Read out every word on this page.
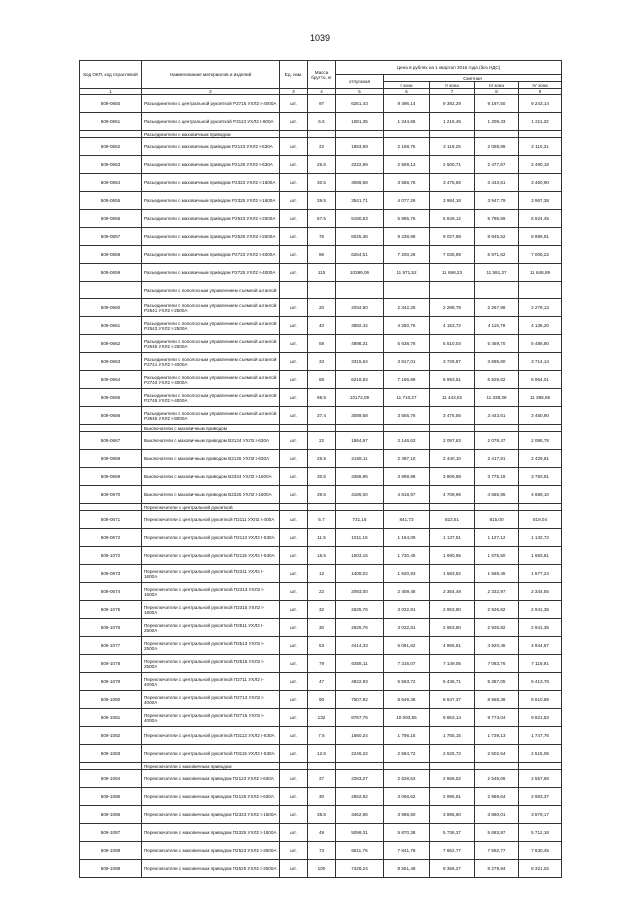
1039
Код ОКП, код отраслевой	Наименование материалов и изделий	Ед. изм.	Масса брутто, кг	Цена в рублях на 1 квартал 2016 года (без НДС)				
				отпускная	Сметная			
					I зона	II зона	III зона	IV зона
1	2	3	4	5	6	7	8	9
509-0650	Разъединители с центральной рукояткой Р2715 УХЛ2 I-4000А	шт.	97	6251,43	9 496,14	9 392,29	9 197,50	9 243,14
509-0651	Разъединители с центральной рукояткой Р3113 УХЛ2 I-600А	шт.	6.5	1081,35	1 244,66	1 216,45	1 209,33	1 211,32
	Разъединители с маховичным приводом							
509-0652	Разъединители с маховичным приводом Р2123 УХЛ2 I-630А	шт.	22	1883,59	2 168,75	2 119,25	2 098,89	2 110,31
509-0653	Разъединители с маховичным приводом Р2125 УХЛ2 I-630А	шт.	26.5	2222,99	2 559,13	2 500,71	2 477,67	2 490,18
509-0654	Разъединители с маховичным приводом Р2323 УХЛ2 I-1600А	шт.	30.5	3089,58	3 556,76	3 475,56	3 443,61	3 460,90
509-0655	Разъединители с маховичным приводом Р2325 УХЛ2 I-1600А	шт.	39.5	3541,71	4 077,26	3 984,18	3 947,79	3 967,38
509-0656	Разъединители с маховичным приводом Р2523 УХЛ2 I-2500А	шт.	57.5	5190,53	5 985,76	5 849,12	5 795,69	5 824,45
509-0657	Разъединители с маховичным приводом Р2525 УХЛ2 I-2500А	шт.	76	8025,36	9 238,89	9 027,98	8 945,52	8 989,91
509-0658	Разъединители с маховичным приводом Р2723 УХЛ2 I-4000А	шт.	86	6254,51	7 200,26	7 035,89	6 971,62	7 006,22
509-0659	Разъединители с маховичным приводом Р2725 УХЛ2 I-4000А	шт.	115	10399,06	11 971,52	11 698,23	11 591,37	11 648,89
	Разъединители с пополосным управлением съемной штангой							
509-0660	Разъединители с пополосным управлением съемной штангой Р2541 УХЛ2 I-2500А	шт.	20	2034,60	2 342,25	2 288,78	2 267,88	2 279,13
509-0661	Разъединители с пополосным управлением съемной штангой Р2543 УХЛ2 I-2500А	шт.	40	3692,42	4 250,76	4 153,72	4 115,78	4 136,20
509-0662	Разъединители с пополосным управлением съемной штангой Р2545 УХЛ2 I-2500А	шт.	58	4898,31	5 638,76	5 510,04	5 459,70	5 486,80
509-0663	Разъединители с пополосным управлением съемной штангой Р2741 УХЛ2 I-4000А	шт.	33	3315,64	3 817,01	3 729,87	3 695,80	3 714,14
509-0664	Разъединители с пополосным управлением съемной штангой Р2743 УХЛ2 I-4000А	шт.	68	6216,83	7 156,89	6 993,51	6 929,62	6 964,01
509-0665	Разъединители с пополосным управлением съемной штангой Р2745 УХЛ2 I-4000А	шт.	98.5	10172,09	11 710,27	11 443,02	11 338,38	11 395,65
509-0666	Разъединители с пополосным управлением съемной штангой Р3545 УХЛ2 I-8000А	шт.	37.4	3089,58	3 556,76	3 475,56	3 443,61	3 460,90
	Выключатели с маховичным приводом							
509-0667	Выключатели с маховичным приводом В2124 УХЛ2 I-630А	шт.	22	1864,67	2 146,63	2 097,63	2 078,47	2 088,78
509-0668	Выключатели с маховичным приводом В2126 УХЛ2 I-630А	шт.	26.5	2169,11	2 497,10	2 440,10	2 417,81	2 429,81
509-0669	Выключатели с маховичным приводом В2324 УХЛ2 I-1600А	шт.	30.5	3386,95	3 898,98	3 809,98	3 775,18	3 793,91
509-0670	Выключатели с маховичным приводом В2326 УХЛ2 I-1600А	шт.	39.5	4186,00	4 818,97	4 708,96	4 665,95	4 689,10
	Переключатели с центральной рукояткой							
509-0671	Переключатели с центральной рукояткой П2111 УХЛ2 I-400А	шт.	5.7	731,16	841,73	822,51	815,00	819,04
509-0672	Переключатели с центральной рукояткой П2113 УХЛ2 I-630А	шт.	11.5	1011,16	1 164,09	1 137,51	1 127,12	1 132,72
509-1072	Переключатели с центральной рукояткой П2115 УХЛ2 I-630А	шт.	16.5	1503,15	1 730,45	1 690,95	1 675,50	1 683,81
509-0673	Переключатели с центральной рукояткой П2311 УХЛ2 I-1600А	шт.	12	1408,02	1 620,93	1 583,92	1 569,45	1 577,24
509-0674	Переключатели с центральной рукояткой П2313 УХЛ2 I-1600А	шт.	22	2093,00	2 409,48	2 354,48	2 332,97	2 344,55
509-1075	Переключатели с центральной рукояткой П2315 УХЛ2 I-1600А	шт.	32	2625,76	3 022,81	2 953,80	2 926,82	2 941,35
509-1076	Переключатели с центральной рукояткой П2511 УХЛ2 I-2500А	шт.	30	2625,76	3 022,81	2 953,80	2 926,82	2 941,35
509-1077	Переключатели с центральной рукояткой П2513 УХЛ2 I-2500А	шт.	53	4414,33	5 081,82	4 965,81	4 920,45	4 944,87
509-1078	Переключатели с центральной рукояткой П2515 УХЛ2 I-2500А	шт.	79	6355,11	7 316,07	7 149,05	7 083,76	7 118,91
509-1079	Переключатели с центральной рукояткой П2711 УХЛ2 I-4000А	шт.	47	4822,93	5 563,72	5 436,71	5 387,05	5 413,78
509-1080	Переключатели с центральной рукояткой П2713 УХЛ2 I-4000А	шт.	90	7507,92	8 649,38	8 647,37	8 568,38	8 610,89
509-1081	Переключатели с центральной рукояткой П2715 УХЛ2 I-4000А	шт.	132	8767,76	10 093,55	9 863,14	9 773,04	9 821,53
509-1082	Переключатели с центральной рукояткой П3113 УХЛ2 I-630А	шт.	7.6	1560,24	1 796,15	1 755,15	1 739,13	1 747,76
509-1083	Переключатели с центральной рукояткой П3115 УХЛ2 I-630А	шт.	12.6	2246,22	2 584,72	2 525,72	2 502,64	2 515,06
	Переключатели с маховичным приводом							
509-1084	Переключатели с маховичным приводом П2123 УХЛ2 I-630А	шт.	27	2283,27	2 628,53	2 568,52	2 545,06	2 557,68
509-1085	Переключатели с маховичным приводом П2125 УХЛ2 I-630А	шт.	30	2662,82	3 066,62	2 995,61	2 969,64	2 983,37
509-1086	Переключатели с маховичным приводом П2323 УХЛ2 I-1600А	шт.	38.5	3462,96	3 986,60	3 895,60	3 860,01	3 879,17
509-1087	Переключатели с маховичным приводом П2325 УХЛ2 I-1600А	шт.	49	5099,31	5 870,38	5 736,37	5 683,97	5 712,18
509-1088	Переключатели с маховичным приводом П2523 УХЛ2 I-2500А	шт.	73	6811,76	7 841,78	7 662,77	7 592,77	7 630,45
509-1089	Переключатели с маховичным приводом П2525 УХЛ2 I-2500А	шт.	100	7428,24	8 551,48	8 356,27	8 279,94	8 321,02
